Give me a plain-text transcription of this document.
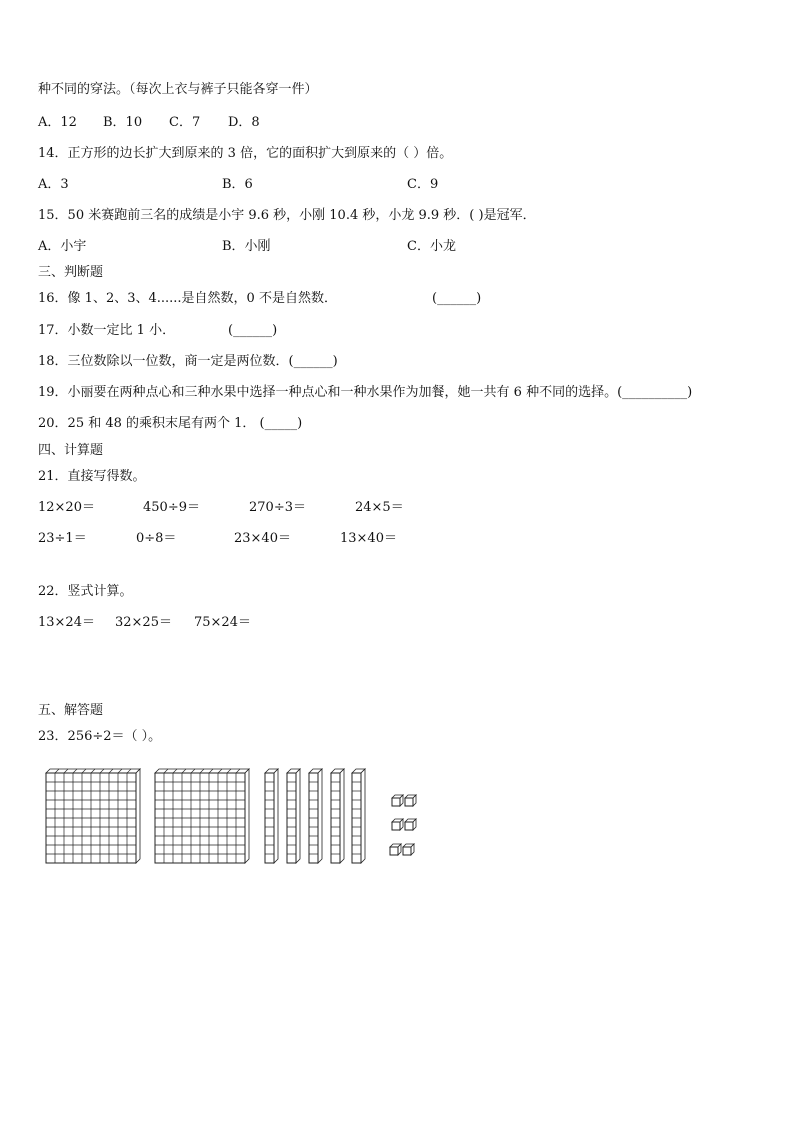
种不同的穿法。（每次上衣与裤子只能各穿一件）
A．12 B．10 C．7 D．8
14．正方形的边长扩大到原来的 3 倍，它的面积扩大到原来的（ ）倍。
A．3	B．6	C．9
15．50 米赛跑前三名的成绩是小宇 9.6 秒，小刚 10.4 秒，小龙 9.9 秒．( )是冠军．
A．小宇	B．小刚	C．小龙
三、判断题
16．像 1、2、3、4......是自然数，0 不是自然数．	(______)
17．小数一定比 1 小．	(______)
18．三位数除以一位数，商一定是两位数．(______)
19．小丽要在两种点心和三种水果中选择一种点心和一种水果作为加餐，她一共有 6 种不同的选择。(__________)
20．25 和 48 的乘积末尾有两个 1． (_____)
四、计算题
21．直接写得数。
12×20＝	450÷9＝	270÷3＝	24×5＝
23÷1＝	0÷8＝	23×40＝	13×40＝
22．竖式计算。
13×24＝ 32×25＝ 75×24＝
五、解答题
23．256÷2＝（ ）。
